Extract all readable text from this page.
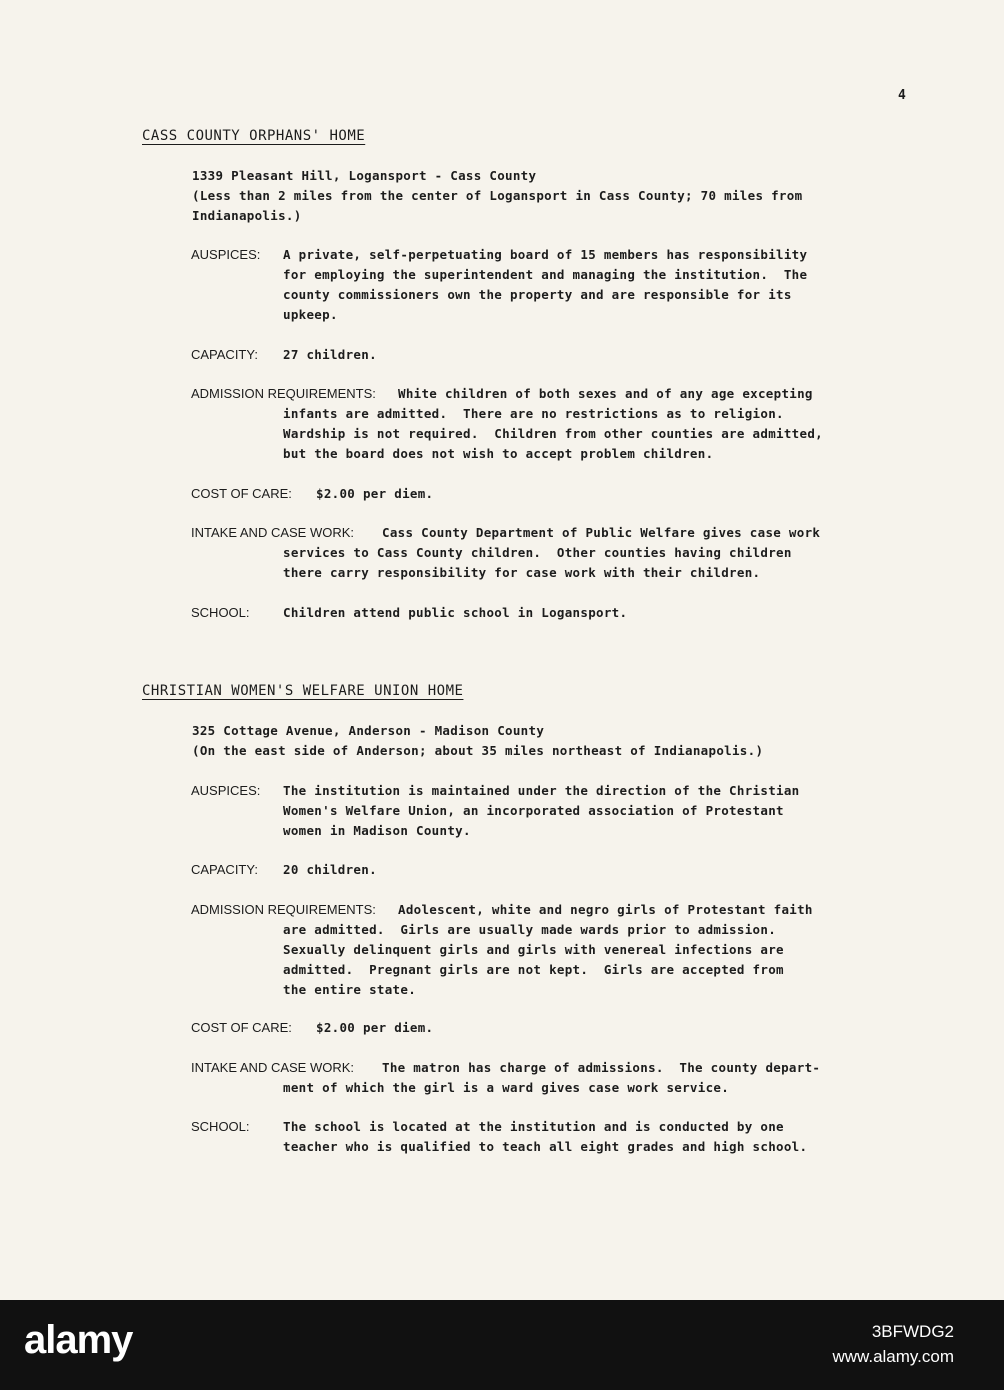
4
CASS COUNTY ORPHANS' HOME
1339 Pleasant Hill, Logansport - Cass County
(Less than 2 miles from the center of Logansport in Cass County; 70 miles from
Indianapolis.)
AUSPICES: A private, self-perpetuating board of 15 members has responsibility
for employing the superintendent and managing the institution.  The
county commissioners own the property and are responsible for its
upkeep.
CAPACITY: 27 children.
ADMISSION REQUIREMENTS: White children of both sexes and of any age excepting
infants are admitted.  There are no restrictions as to religion.
Wardship is not required.  Children from other counties are admitted,
but the board does not wish to accept problem children.
COST OF CARE: $2.00 per diem.
INTAKE AND CASE WORK: Cass County Department of Public Welfare gives case work
services to Cass County children.  Other counties having children
there carry responsibility for case work with their children.
SCHOOL:	Children attend public school in Logansport.
CHRISTIAN WOMEN'S WELFARE UNION HOME
325 Cottage Avenue, Anderson - Madison County
(On the east side of Anderson; about 35 miles northeast of Indianapolis.)
AUSPICES: The institution is maintained under the direction of the Christian
Women's Welfare Union, an incorporated association of Protestant
women in Madison County.
CAPACITY: 20 children.
ADMISSION REQUIREMENTS: Adolescent, white and negro girls of Protestant faith
are admitted.  Girls are usually made wards prior to admission.
Sexually delinquent girls and girls with venereal infections are
admitted.  Pregnant girls are not kept.  Girls are accepted from
the entire state.
COST OF CARE: $2.00 per diem.
INTAKE AND CASE WORK: The matron has charge of admissions.  The county depart-
ment of which the girl is a ward gives case work service.
SCHOOL:	The school is located at the institution and is conducted by one
teacher who is qualified to teach all eight grades and high school.
alamy	3BFWDG2
www.alamy.com
